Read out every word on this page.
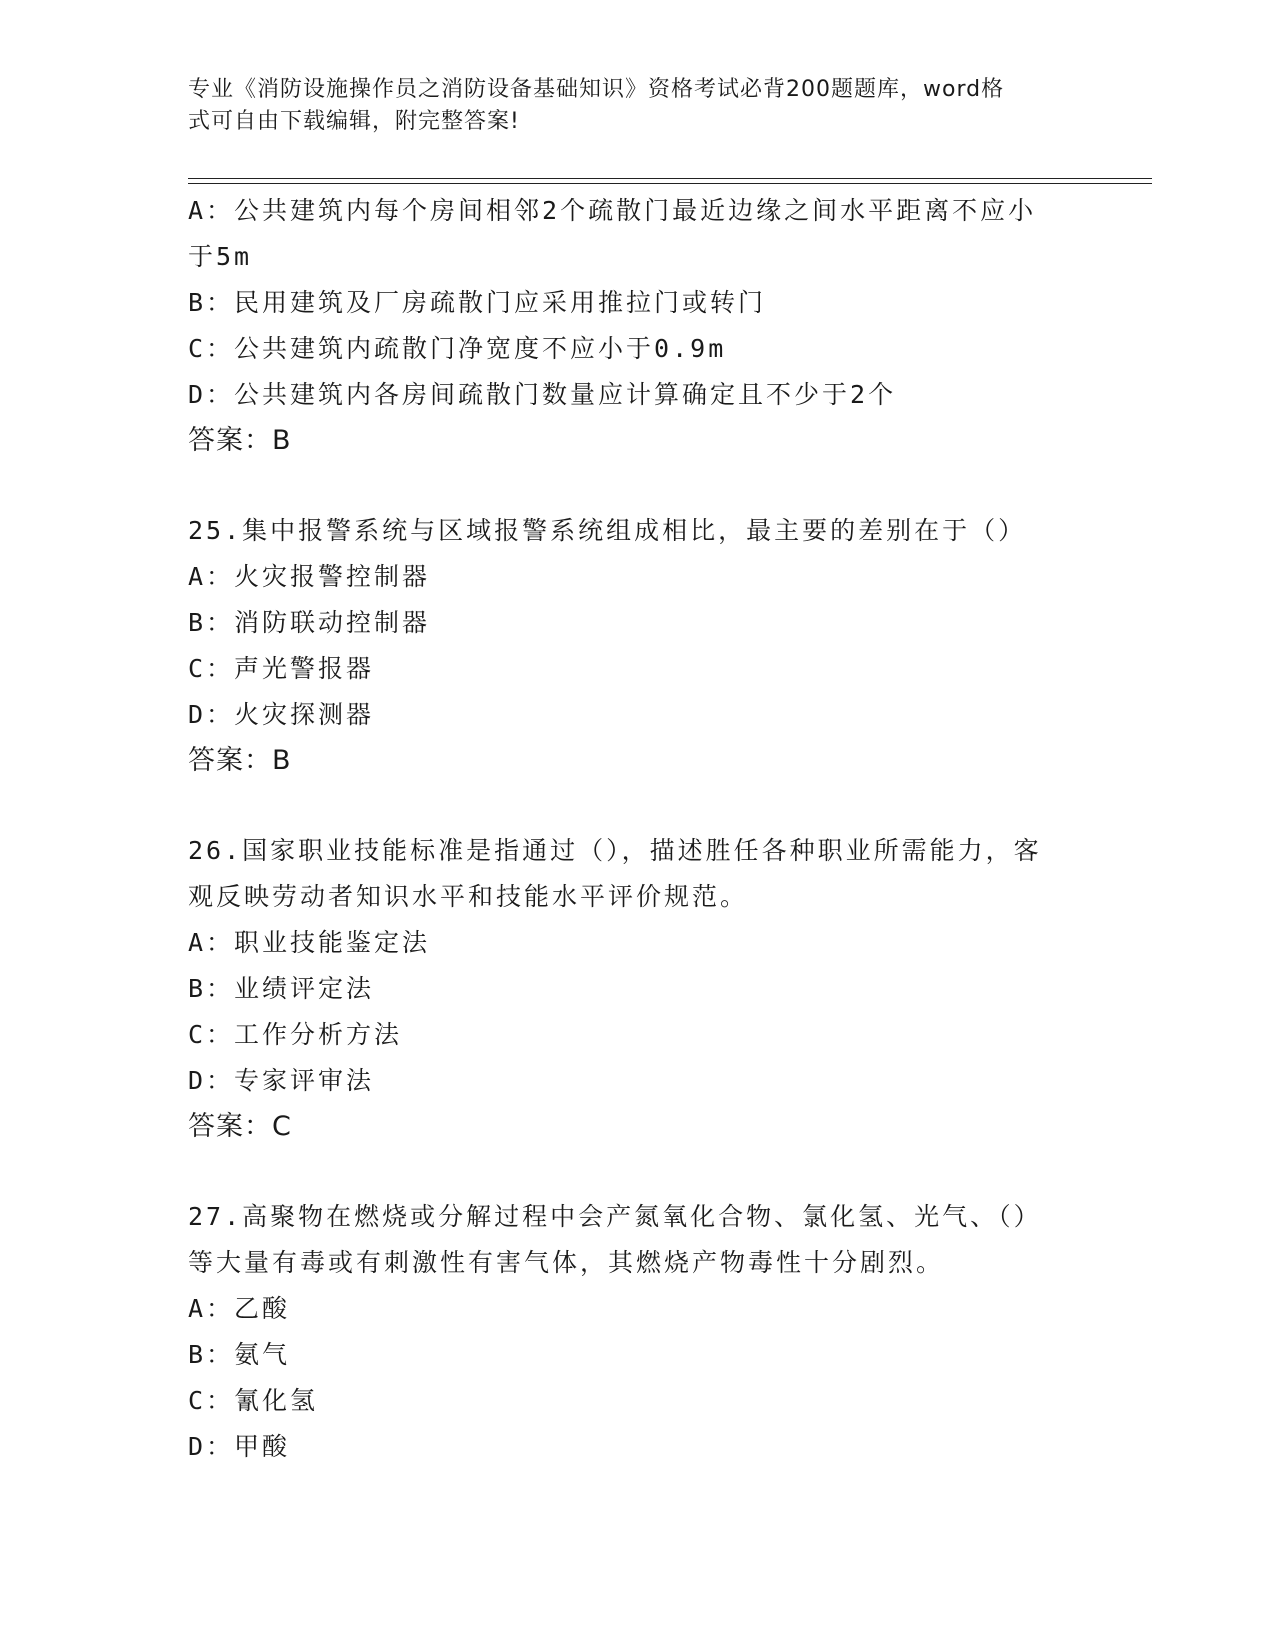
专业《消防设施操作员之消防设备基础知识》资格考试必背200题题库，word格
式可自由下载编辑，附完整答案!
A：公共建筑内每个房间相邻2个疏散门最近边缘之间水平距离不应小
于5m
B：民用建筑及厂房疏散门应采用推拉门或转门
C：公共建筑内疏散门净宽度不应小于0.9m
D：公共建筑内各房间疏散门数量应计算确定且不少于2个
答案：B
25.集中报警系统与区域报警系统组成相比，最主要的差别在于（）
A：火灾报警控制器
B：消防联动控制器
C：声光警报器
D：火灾探测器
答案：B
26.国家职业技能标准是指通过（），描述胜任各种职业所需能力，客
观反映劳动者知识水平和技能水平评价规范。
A：职业技能鉴定法
B：业绩评定法
C：工作分析方法
D：专家评审法
答案：C
27.高聚物在燃烧或分解过程中会产氮氧化合物、氯化氢、光气、（）
等大量有毒或有刺激性有害气体，其燃烧产物毒性十分剧烈。
A：乙酸
B：氨气
C：氰化氢
D：甲酸
